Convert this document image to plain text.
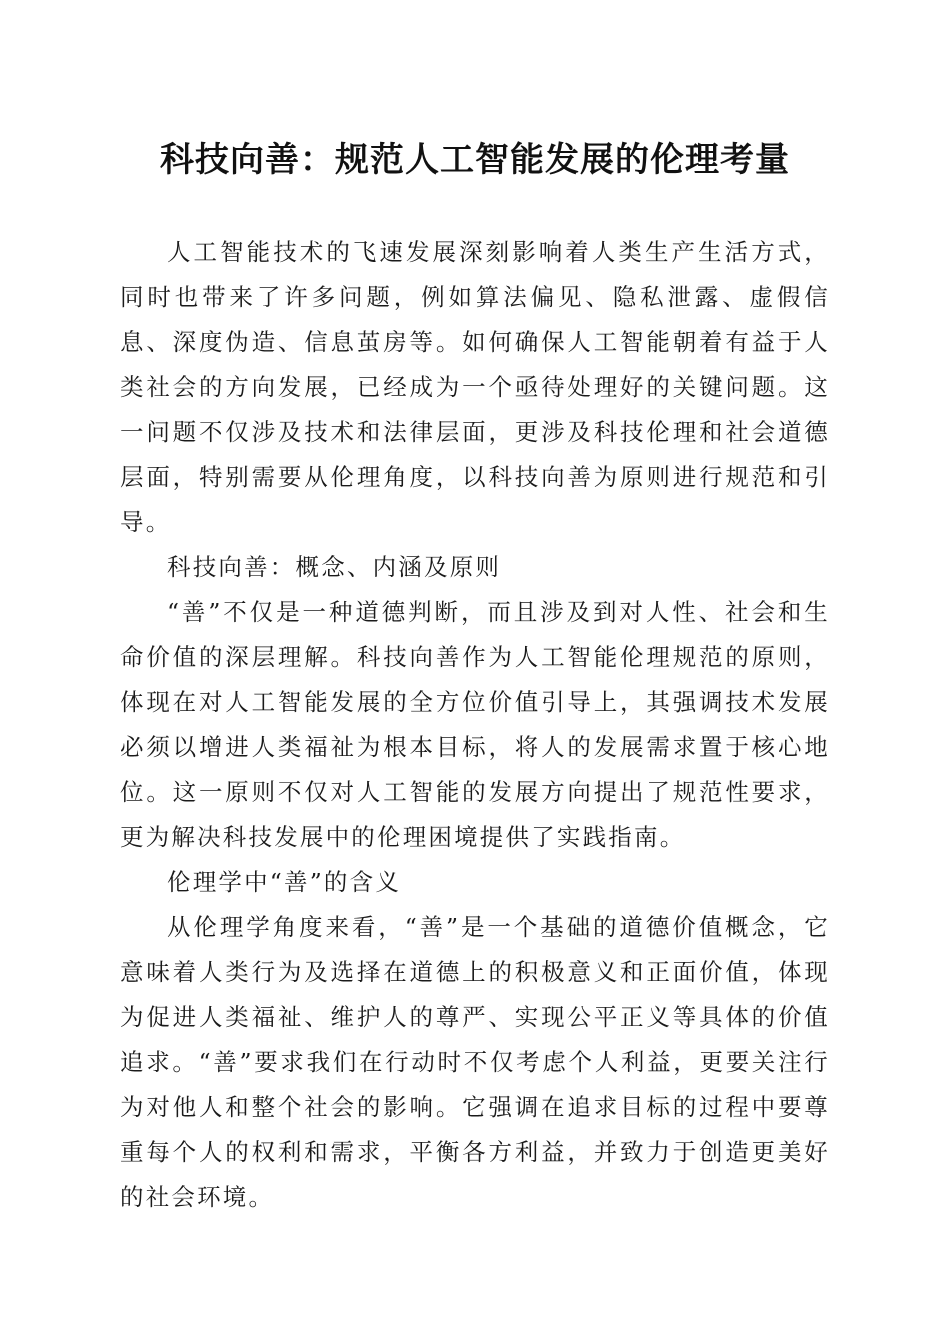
科技向善：规范人工智能发展的伦理考量

人工智能技术的飞速发展深刻影响着人类生产生活方式，同时也带来了许多问题，例如算法偏见、隐私泄露、虚假信息、深度伪造、信息茧房等。如何确保人工智能朝着有益于人类社会的方向发展，已经成为一个亟待处理好的关键问题。这一问题不仅涉及技术和法律层面，更涉及科技伦理和社会道德层面，特别需要从伦理角度，以科技向善为原则进行规范和引导。

科技向善：概念、内涵及原则

“善”不仅是一种道德判断，而且涉及到对人性、社会和生命价值的深层理解。科技向善作为人工智能伦理规范的原则，体现在对人工智能发展的全方位价值引导上，其强调技术发展必须以增进人类福祉为根本目标，将人的发展需求置于核心地位。这一原则不仅对人工智能的发展方向提出了规范性要求，更为解决科技发展中的伦理困境提供了实践指南。

伦理学中“善”的含义

从伦理学角度来看，“善”是一个基础的道德价值概念，它意味着人类行为及选择在道德上的积极意义和正面价值，体现为促进人类福祉、维护人的尊严、实现公平正义等具体的价值追求。“善”要求我们在行动时不仅考虑个人利益，更要关注行为对他人和整个社会的影响。它强调在追求目标的过程中要尊重每个人的权利和需求，平衡各方利益，并致力于创造更美好的社会环境。
